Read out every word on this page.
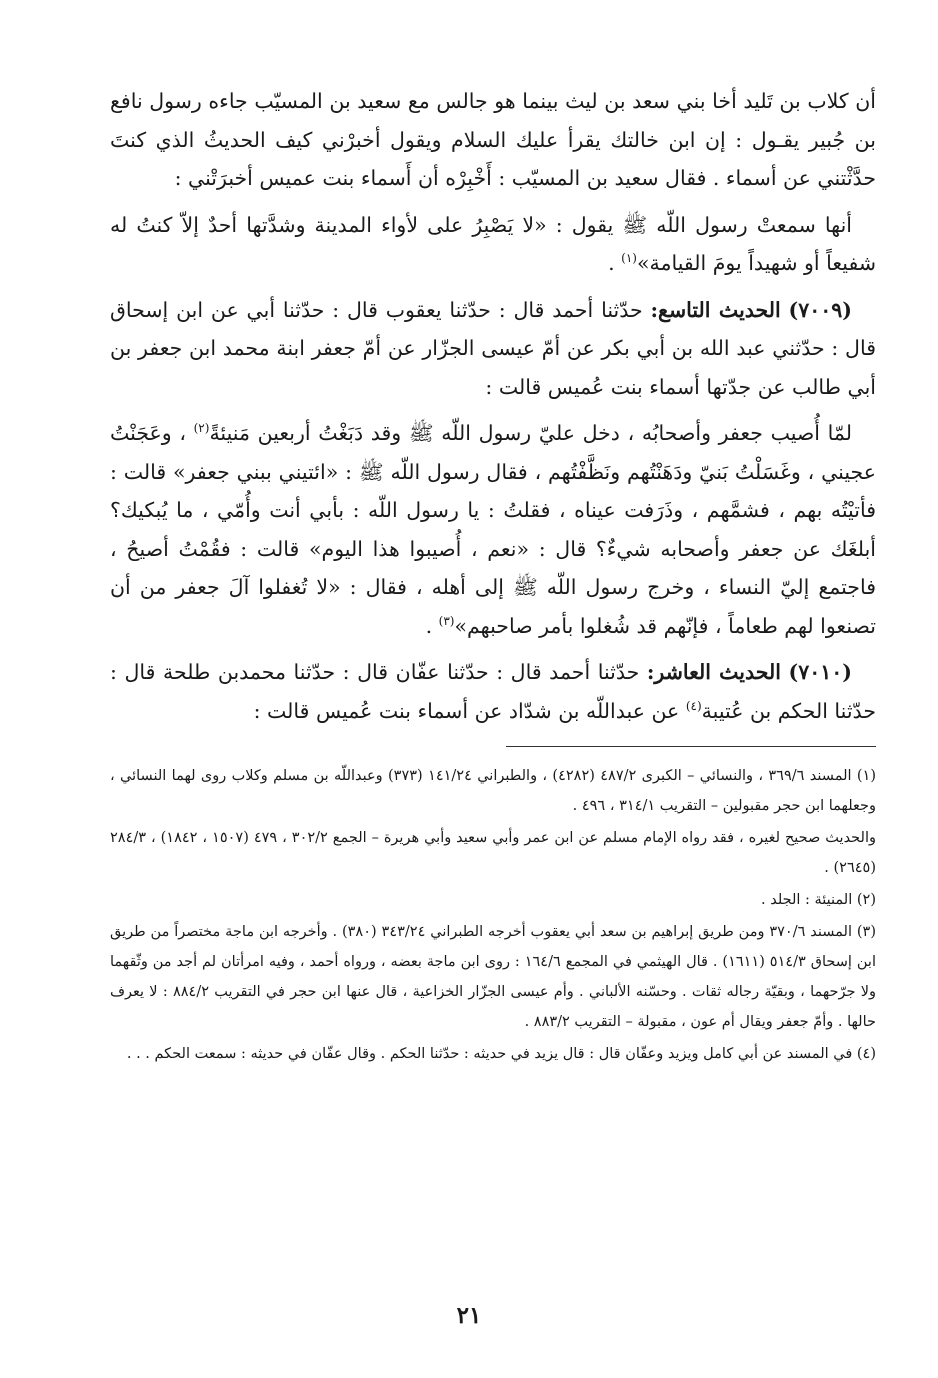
أن كلاب بن تَليد أخا بني سعد بن ليث بينما هو جالس مع سعيد بن المسيّب جاءه رسول نافع بن جُبير يقـول : إن ابن خالتك يقرأ عليك السلام ويقول أخبرْني كيف الحديثُ الذي كنتَ حدَّثْتني عن أسماء . فقال سعيد بن المسيّب : أَخْبِرْه أن أَسماء بنت عميس أخبرَتْني :

أنها سمعتْ رسول اللّه ﷺ يقول : «لا يَصْبِرُ على لأواء المدينة وشدَّتها أحدٌ إلاّ كنتُ له شفيعاً أو شهيداً يومَ القيامة»$^{(١)}$ .

(٧٠٠٩) الحديث التاسع: حدّثنا أحمد قال : حدّثنا يعقوب قال : حدّثنا أبي عن ابن إسحاق قال : حدّثني عبد الله بن أبي بكر عن أمّ عيسى الجزّار عن أمّ جعفر ابنة محمد ابن جعفر بن أبي طالب عن جدّتها أسماء بنت عُميس قالت :

لمّا أُصيب جعفر وأصحابُه ، دخل عليّ رسول اللّه ﷺ وقد دَبَغْتُ أربعين مَنيئةً$^{(٢)}$ ، وعَجَنْتُ عجيني ، وغَسَلْتُ بَنيّ ودَهَنْتُهم ونَظَّفْتُهم ، فقال رسول اللّه ﷺ : «ائتيني ببني جعفر» قالت : فأتيْتُه بهم ، فشمَّهم ، وذَرَفت عيناه ، فقلتُ : يا رسول اللّه : بأبي أنت وأُمّي ، ما يُبكيك؟ أبلغَك عن جعفر وأصحابه شيءٌ؟ قال : «نعم ، أُصيبوا هذا اليوم» قالت : فقُمْتُ أصيحُ ، فاجتمع إليّ النساء ، وخرج رسول اللّه ﷺ إلى أهله ، فقال : «لا تُغفلوا آلَ جعفر من أن تصنعوا لهم طعاماً ، فإنّهم قد شُغلوا بأمر صاحبهم»$^{(٣)}$ .

(٧٠١٠) الحديث العاشر: حدّثنا أحمد قال : حدّثنا عفّان قال : حدّثنا محمدبن طلحة قال : حدّثنا الحكم بن عُتيبة$^{(٤)}$ عن عبداللّه بن شدّاد عن أسماء بنت عُميس قالت :

(١) المسند ٣٦٩/٦ ، والنسائي – الكبرى ٤٨٧/٢ (٤٢٨٢) ، والطبراني ١٤١/٢٤ (٣٧٣) وعبداللّه بن مسلم وكلاب روى لهما النسائي ، وجعلهما ابن حجر مقبولين – التقريب ٣١٤/١ ، ٤٩٦ .

والحديث صحيح لغيره ، فقد رواه الإمام مسلم عن ابن عمر وأبي سعيد وأبي هريرة – الجمع ٣٠٢/٢ ، ٤٧٩ (١٥٠٧ ، ١٨٤٢) ، ٢٨٤/٣ (٢٦٤٥) .

(٢) المنيئة : الجلد .

(٣) المسند ٣٧٠/٦ ومن طريق إبراهيم بن سعد أبي يعقوب أخرجه الطبراني ٣٤٣/٢٤ (٣٨٠) . وأخرجه ابن ماجة مختصراً من طريق ابن إسحاق ٥١٤/٣ (١٦١١) . قال الهيثمي في المجمع ١٦٤/٦ : روى ابن ماجة بعضه ، ورواه أحمد ، وفيه امرأتان لم أجد من وثّقهما ولا جرّحهما ، وبقيّة رجاله ثقات . وحسّنه الألباني . وأم عيسى الجزّار الخزاعية ، قال عنها ابن حجر في التقريب ٨٨٤/٢ : لا يعرف حالها . وأمّ جعفر ويقال أم عون ، مقبولة – التقريب ٨٨٣/٢ .

(٤) في المسند عن أبي كامل ويزيد وعفّان قال : قال يزيد في حديثه : حدّثنا الحكم . وقال عفّان في حديثه : سمعت الحكم . . .

٢١
